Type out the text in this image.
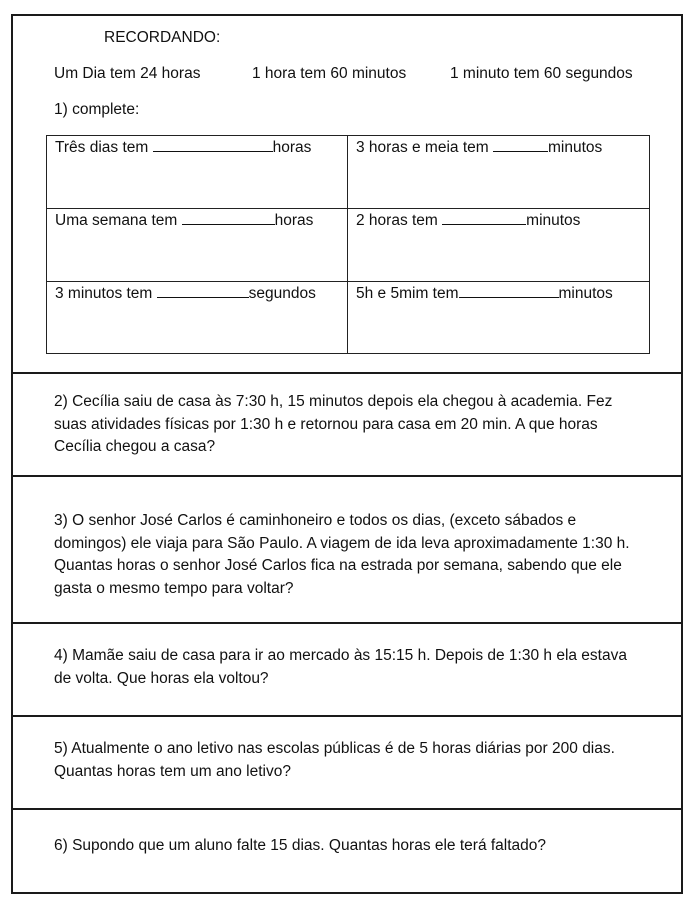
RECORDANDO:
Um Dia tem 24 horas	1 hora tem 60 minutos	1 minuto tem 60 segundos
1) complete:
Três dias tem	horas	3 horas e meia tem	minutos
Uma semana tem	horas	2 horas tem	minutos
3 minutos tem	segundos	5h e 5mim tem	minutos
2) Cecília saiu de casa às 7:30 h, 15 minutos depois ela chegou à academia. Fez suas atividades físicas por 1:30 h e retornou para casa em 20 min. A que horas Cecília chegou a casa?
3) O senhor José Carlos é caminhoneiro e todos os dias, (exceto sábados e domingos) ele viaja para São Paulo. A viagem de ida leva aproximadamente 1:30 h. Quantas horas o senhor José Carlos fica na estrada por semana, sabendo que ele gasta o mesmo tempo para voltar?
4) Mamãe saiu de casa para ir ao mercado às 15:15 h. Depois de 1:30 h ela estava de volta. Que horas ela voltou?
5) Atualmente o ano letivo nas escolas públicas é de 5 horas diárias por 200 dias. Quantas horas tem um ano letivo?
6) Supondo que um aluno falte 15 dias. Quantas horas ele terá faltado?
